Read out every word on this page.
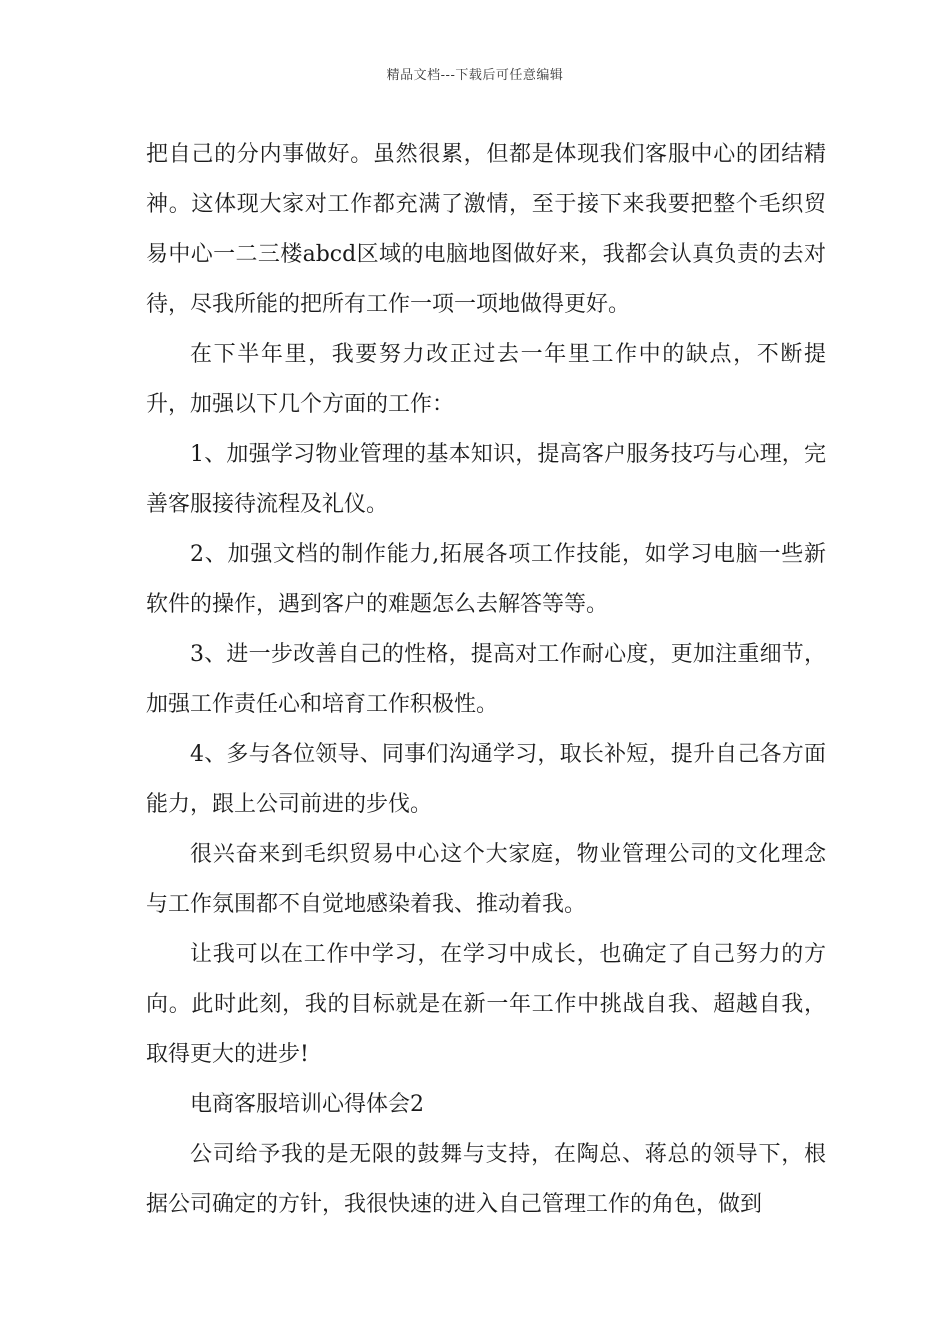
精品文档---下载后可任意编辑

把自己的分内事做好。虽然很累，但都是体现我们客服中心的团结精神。这体现大家对工作都充满了激情，至于接下来我要把整个毛织贸易中心一二三楼abcd区域的电脑地图做好来，我都会认真负责的去对待，尽我所能的把所有工作一项一项地做得更好。

在下半年里，我要努力改正过去一年里工作中的缺点，不断提升，加强以下几个方面的工作：

1、加强学习物业管理的基本知识，提高客户服务技巧与心理，完善客服接待流程及礼仪。

2、加强文档的制作能力,拓展各项工作技能，如学习电脑一些新软件的操作，遇到客户的难题怎么去解答等等。

3、进一步改善自己的性格，提高对工作耐心度，更加注重细节，加强工作责任心和培育工作积极性。

4、多与各位领导、同事们沟通学习，取长补短，提升自己各方面能力，跟上公司前进的步伐。

很兴奋来到毛织贸易中心这个大家庭，物业管理公司的文化理念与工作氛围都不自觉地感染着我、推动着我。

让我可以在工作中学习，在学习中成长，也确定了自己努力的方向。此时此刻，我的目标就是在新一年工作中挑战自我、超越自我，取得更大的进步!

电商客服培训心得体会2

公司给予我的是无限的鼓舞与支持，在陶总、蒋总的领导下，根据公司确定的方针，我很快速的进入自己管理工作的角色，做到
